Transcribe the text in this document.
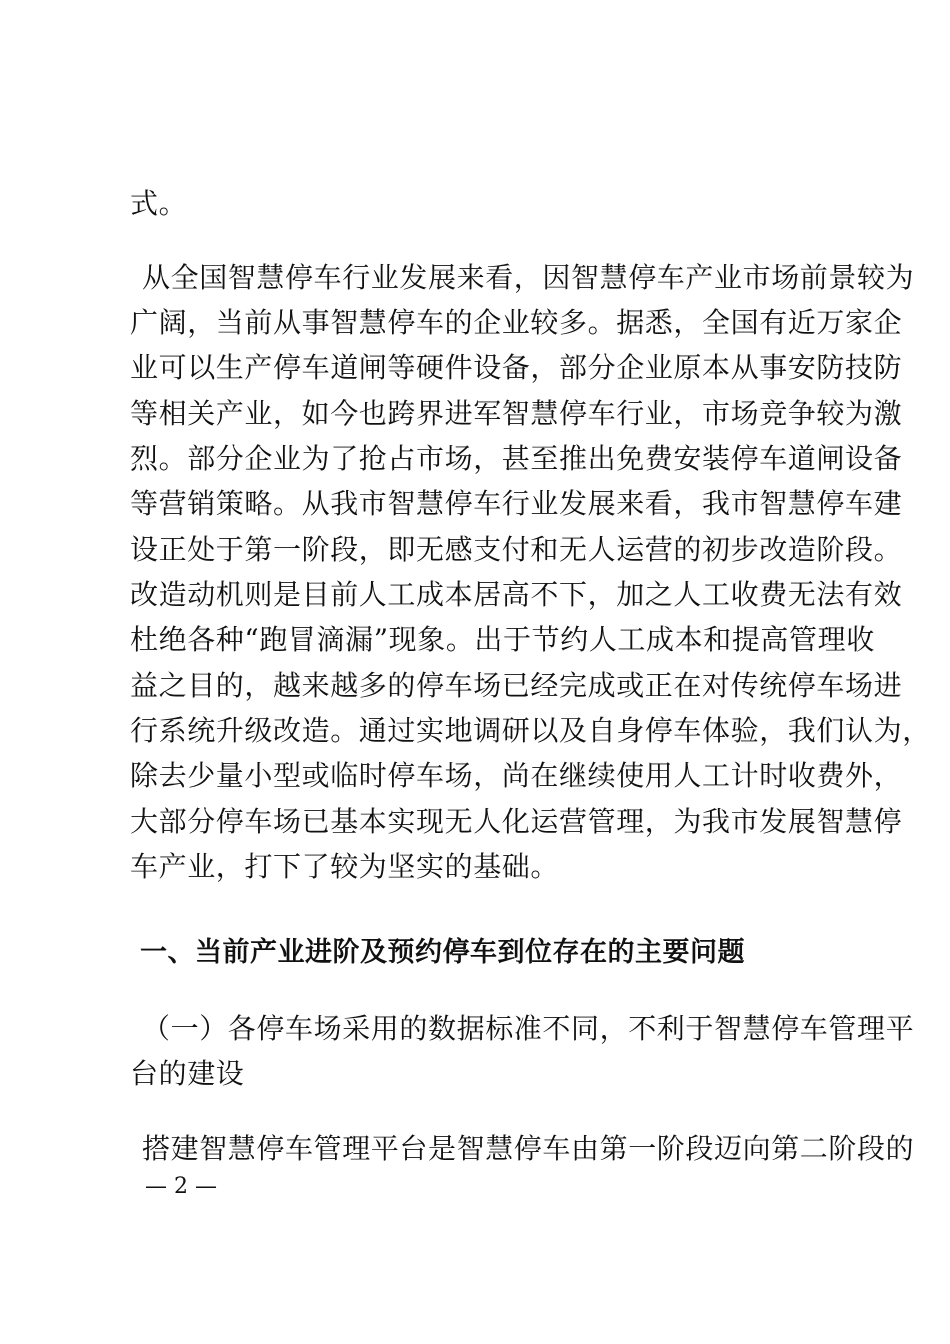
式。
从全国智慧停车行业发展来看，因智慧停车产业市场前景较为
广阔，当前从事智慧停车的企业较多。据悉，全国有近万家企
业可以生产停车道闸等硬件设备，部分企业原本从事安防技防
等相关产业，如今也跨界进军智慧停车行业，市场竞争较为激
烈。部分企业为了抢占市场，甚至推出免费安装停车道闸设备
等营销策略。从我市智慧停车行业发展来看，我市智慧停车建
设正处于第一阶段，即无感支付和无人运营的初步改造阶段。
改造动机则是目前人工成本居高不下，加之人工收费无法有效
杜绝各种“跑冒滴漏”现象。出于节约人工成本和提高管理收
益之目的，越来越多的停车场已经完成或正在对传统停车场进
行系统升级改造。通过实地调研以及自身停车体验，我们认为，
除去少量小型或临时停车场，尚在继续使用人工计时收费外，
大部分停车场已基本实现无人化运营管理，为我市发展智慧停
车产业，打下了较为坚实的基础。
一、当前产业进阶及预约停车到位存在的主要问题
（一）各停车场采用的数据标准不同，不利于智慧停车管理平
台的建设
搭建智慧停车管理平台是智慧停车由第一阶段迈向第二阶段的
— 2 —
